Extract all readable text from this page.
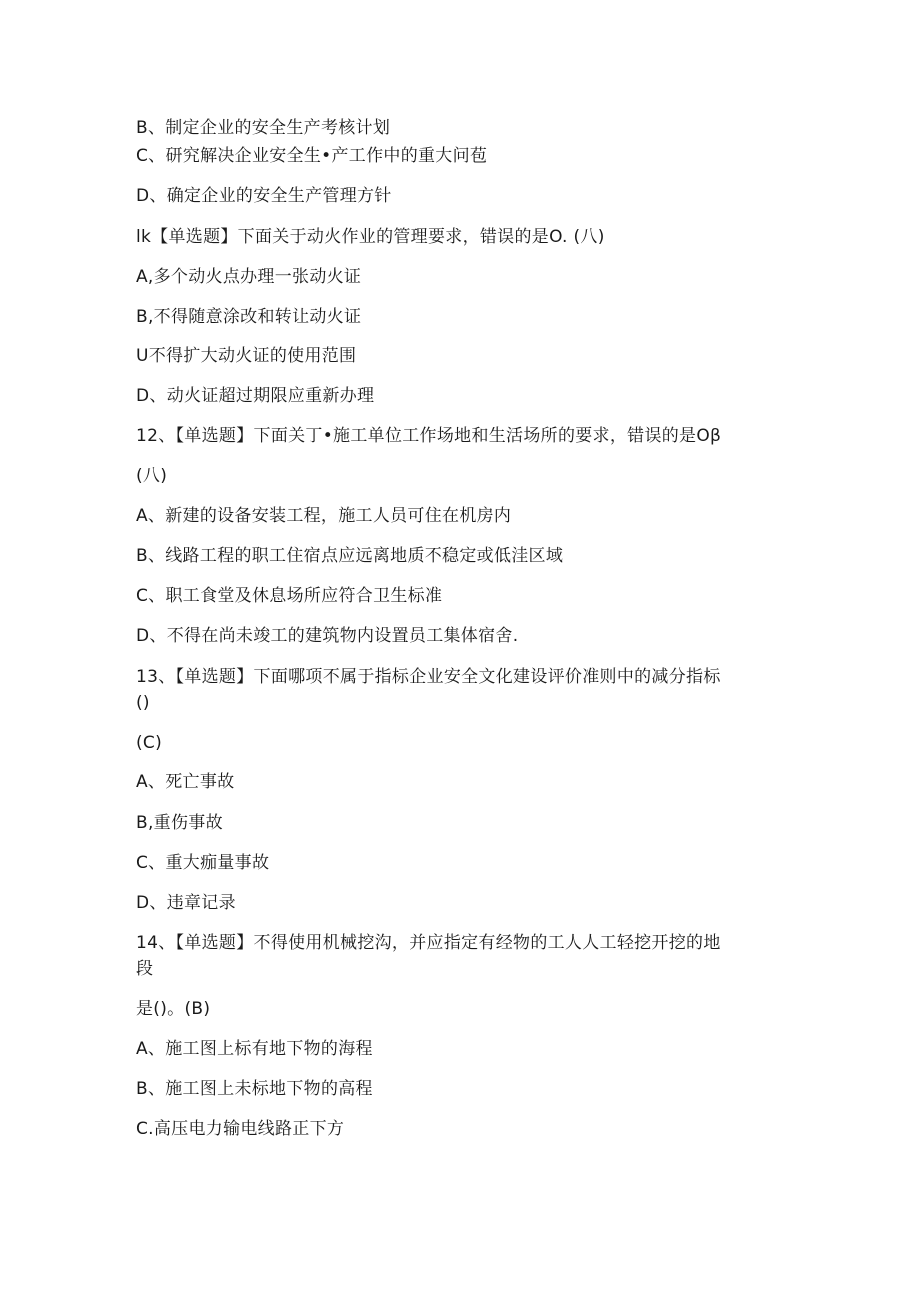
B、制定企业的安全生产考核计划
C、研究解决企业安全生•产工作中的重大问苞
D、确定企业的安全生产管理方针
lk【单选题】下面关于动火作业的管理要求，错误的是O. (八)
A,多个动火点办理一张动火证
B,不得随意涂改和转让动火证
U不得扩大动火证的使用范围
D、动火证超过期限应重新办理
12、【单选题】下面关丁•施工单位工作场地和生活场所的要求，错误的是Oβ
(八)
A、新建的设备安装工程，施工人员可住在机房内
B、线路工程的职工住宿点应远离地质不稳定或低洼区域
C、职工食堂及休息场所应符合卫生标准
D、不得在尚未竣工的建筑物内设置员工集体宿舍.
13、【单选题】下面哪项不属于指标企业安全文化建设评价准则中的减分指标
()
(C)
A、死亡事故
B,重伤事故
C、重大痂量事故
D、违章记录
14、【单选题】不得使用机械挖沟，并应指定有经物的工人人工轻挖开挖的地
段
是()。(B)
A、施工图上标有地下物的海程
B、施工图上未标地下物的高程
C.高压电力输电线路正下方
